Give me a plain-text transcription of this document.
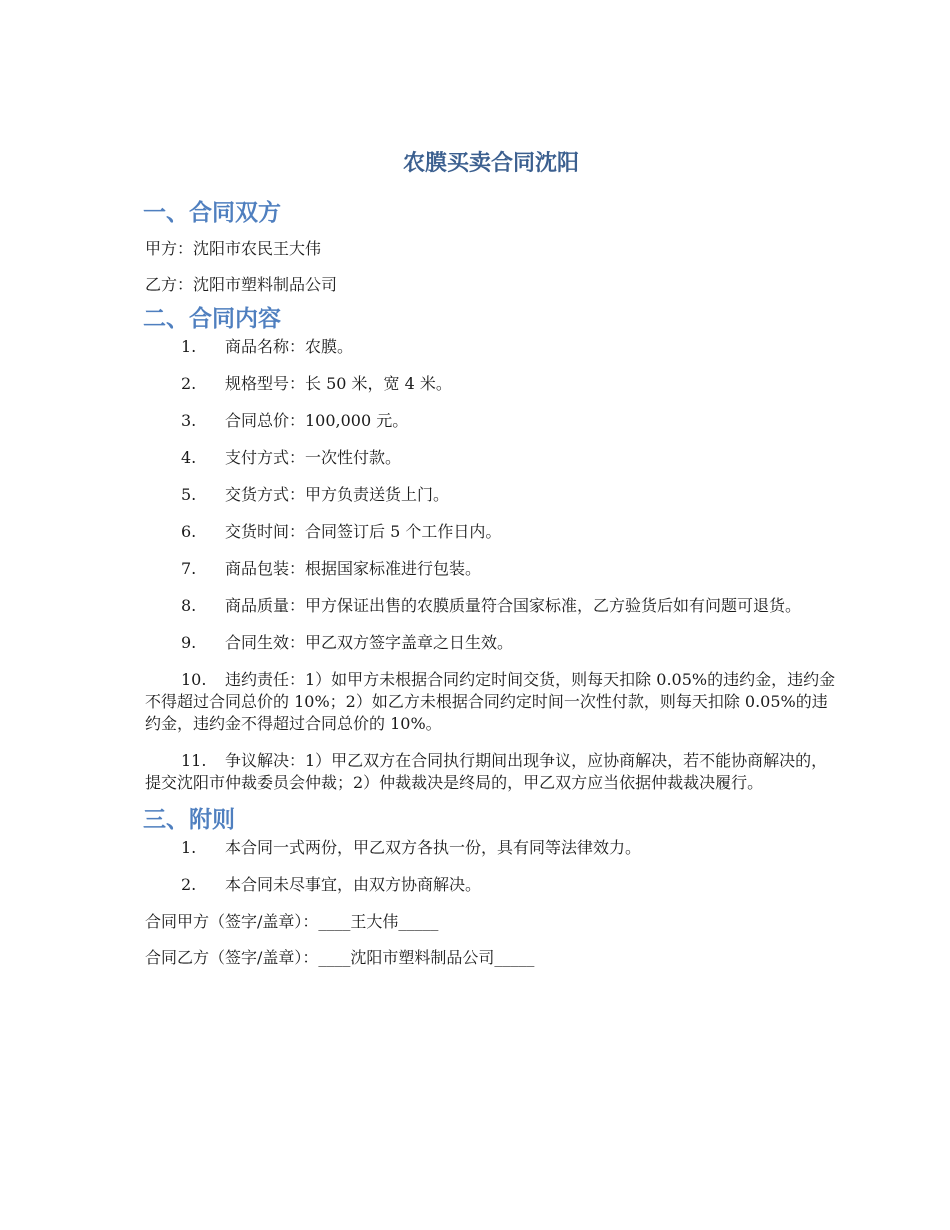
农膜买卖合同沈阳
一、合同双方

甲方：沈阳市农民王大伟

乙方：沈阳市塑料制品公司

二、合同内容
1. 商品名称：农膜。
2. 规格型号：长 50 米，宽 4 米。
3. 合同总价：100,000 元。
4. 支付方式：一次性付款。
5. 交货方式：甲方负责送货上门。
6. 交货时间：合同签订后 5 个工作日内。
7. 商品包装：根据国家标准进行包装。
8. 商品质量：甲方保证出售的农膜质量符合国家标准，乙方验货后如有问题可退货。
9. 合同生效：甲乙双方签字盖章之日生效。
10. 违约责任：1）如甲方未根据合同约定时间交货，则每天扣除 0.05%的违约金，违约金不得超过合同总价的 10%；2）如乙方未根据合同约定时间一次性付款，则每天扣除 0.05%的违约金，违约金不得超过合同总价的 10%。
11. 争议解决：1）甲乙双方在合同执行期间出现争议，应协商解决，若不能协商解决的，提交沈阳市仲裁委员会仲裁；2）仲裁裁决是终局的，甲乙双方应当依据仲裁裁决履行。
三、附则
1. 本合同一式两份，甲乙双方各执一份，具有同等法律效力。
2. 本合同未尽事宜，由双方协商解决。

合同甲方（签字/盖章）：____王大伟_____

合同乙方（签字/盖章）：____沈阳市塑料制品公司_____
